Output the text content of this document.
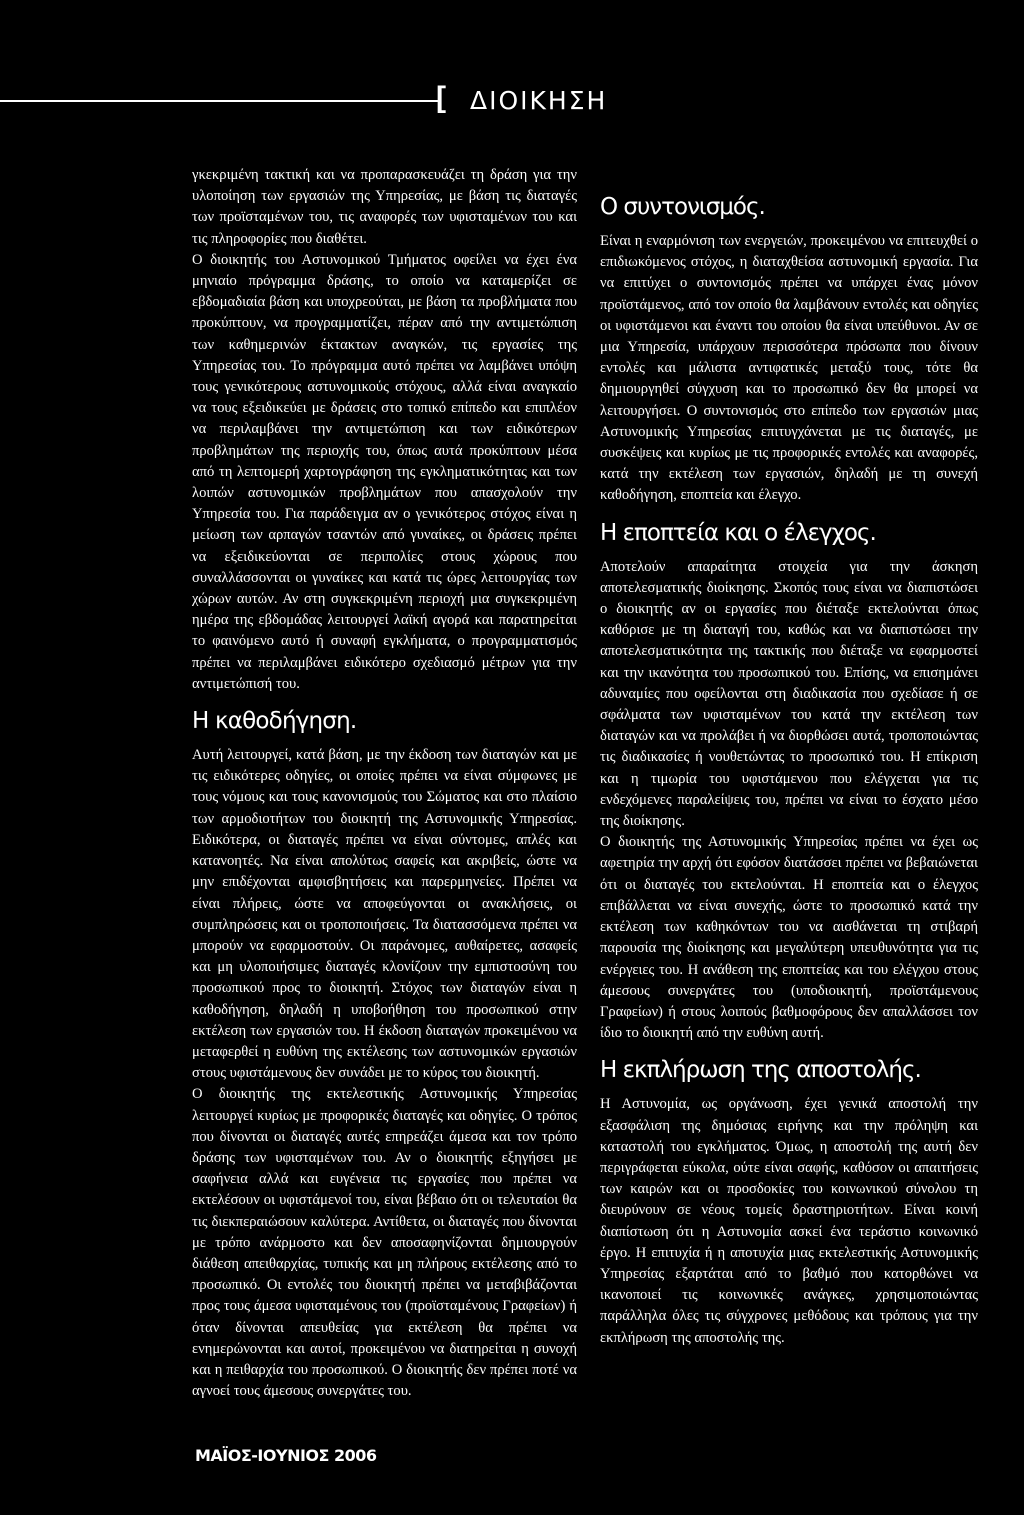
[ ΔΙΟΙΚΗΣΗ

γκεκριμένη τακτική και να προπαρασκευάζει τη δράση για την υλοποίηση των εργασιών της Υπηρεσίας, με βάση τις διαταγές των προϊσταμένων του, τις αναφορές των υφισταμένων του και τις πληροφορίες που διαθέτει.

Ο διοικητής του Αστυνομικού Τμήματος οφείλει να έχει ένα μηνιαίο πρόγραμμα δράσης, το οποίο να καταμερίζει σε εβδομαδιαία βάση και υποχρεούται, με βάση τα προβλήματα που προκύπτουν, να προγραμματίζει, πέραν από την αντιμετώπιση των καθημερινών έκτακτων αναγκών, τις εργασίες της Υπηρεσίας του. Το πρόγραμμα αυτό πρέπει να λαμβάνει υπόψη τους γενικότερους αστυνομικούς στόχους, αλλά είναι αναγκαίο να τους εξειδικεύει με δράσεις στο τοπικό επίπεδο και επιπλέον να περιλαμβάνει την αντιμετώπιση και των ειδικότερων προβλημάτων της περιοχής του, όπως αυτά προκύπτουν μέσα από τη λεπτομερή χαρτογράφηση της εγκληματικότητας και των λοιπών αστυνομικών προβλημάτων που απασχολούν την Υπηρεσία του. Για παράδειγμα αν ο γενικότερος στόχος είναι η μείωση των αρπαγών τσαντών από γυναίκες, οι δράσεις πρέπει να εξειδικεύονται σε περιπολίες στους χώρους που συναλλάσσονται οι γυναίκες και κατά τις ώρες λειτουργίας των χώρων αυτών. Αν στη συγκεκριμένη περιοχή μια συγκεκριμένη ημέρα της εβδομάδας λειτουργεί λαϊκή αγορά και παρατηρείται το φαινόμενο αυτό ή συναφή εγκλήματα, ο προγραμματισμός πρέπει να περιλαμβάνει ειδικότερο σχεδιασμό μέτρων για την αντιμετώπισή του.

Η καθοδήγηση.

Αυτή λειτουργεί, κατά βάση, με την έκδοση των διαταγών και με τις ειδικότερες οδηγίες, οι οποίες πρέπει να είναι σύμφωνες με τους νόμους και τους κανονισμούς του Σώματος και στο πλαίσιο των αρμοδιοτήτων του διοικητή της Αστυνομικής Υπηρεσίας. Ειδικότερα, οι διαταγές πρέπει να είναι σύντομες, απλές και κατανοητές. Να είναι απολύτως σαφείς και ακριβείς, ώστε να μην επιδέχονται αμφισβητήσεις και παρερμηνείες. Πρέπει να είναι πλήρεις, ώστε να αποφεύγονται οι ανακλήσεις, οι συμπληρώσεις και οι τροποποιήσεις. Τα διατασσόμενα πρέπει να μπορούν να εφαρμοστούν. Οι παράνομες, αυθαίρετες, ασαφείς και μη υλοποιήσιμες διαταγές κλονίζουν την εμπιστοσύνη του προσωπικού προς το διοικητή. Στόχος των διαταγών είναι η καθοδήγηση, δηλαδή η υποβοήθηση του προσωπικού στην εκτέλεση των εργασιών του. Η έκδοση διαταγών προκειμένου να μεταφερθεί η ευθύνη της εκτέλεσης των αστυνομικών εργασιών στους υφιστάμενους δεν συνάδει με το κύρος του διοικητή.

Ο διοικητής της εκτελεστικής Αστυνομικής Υπηρεσίας λειτουργεί κυρίως με προφορικές διαταγές και οδηγίες. Ο τρόπος που δίνονται οι διαταγές αυτές επηρεάζει άμεσα και τον τρόπο δράσης των υφισταμένων του. Αν ο διοικητής εξηγήσει με σαφήνεια αλλά και ευγένεια τις εργασίες που πρέπει να εκτελέσουν οι υφιστάμενοί του, είναι βέβαιο ότι οι τελευταίοι θα τις διεκπεραιώσουν καλύτερα. Αντίθετα, οι διαταγές που δίνονται με τρόπο ανάρμοστο και δεν αποσαφηνίζονται δημιουργούν διάθεση απειθαρχίας, τυπικής και μη πλήρους εκτέλεσης από το προσωπικό. Οι εντολές του διοικητή πρέπει να μεταβιβάζονται προς τους άμεσα υφισταμένους του (προϊσταμένους Γραφείων) ή όταν δίνονται απευθείας για εκτέλεση θα πρέπει να ενημερώνονται και αυτοί, προκειμένου να διατηρείται η συνοχή και η πειθαρχία του προσωπικού. Ο διοικητής δεν πρέπει ποτέ να αγνοεί τους άμεσους συνεργάτες του.

Ο συντονισμός.

Είναι η εναρμόνιση των ενεργειών, προκειμένου να επιτευχθεί ο επιδιωκόμενος στόχος, η διαταχθείσα αστυνομική εργασία. Για να επιτύχει ο συντονισμός πρέπει να υπάρχει ένας μόνον προϊστάμενος, από τον οποίο θα λαμβάνουν εντολές και οδηγίες οι υφιστάμενοι και έναντι του οποίου θα είναι υπεύθυνοι. Αν σε μια Υπηρεσία, υπάρχουν περισσότερα πρόσωπα που δίνουν εντολές και μάλιστα αντιφατικές μεταξύ τους, τότε θα δημιουργηθεί σύγχυση και το προσωπικό δεν θα μπορεί να λειτουργήσει. Ο συντονισμός στο επίπεδο των εργασιών μιας Αστυνομικής Υπηρεσίας επιτυγχάνεται με τις διαταγές, με συσκέψεις και κυρίως με τις προφορικές εντολές και αναφορές, κατά την εκτέλεση των εργασιών, δηλαδή με τη συνεχή καθοδήγηση, εποπτεία και έλεγχο.

Η εποπτεία και ο έλεγχος.

Αποτελούν απαραίτητα στοιχεία για την άσκηση αποτελεσματικής διοίκησης. Σκοπός τους είναι να διαπιστώσει ο διοικητής αν οι εργασίες που διέταξε εκτελούνται όπως καθόρισε με τη διαταγή του, καθώς και να διαπιστώσει την αποτελεσματικότητα της τακτικής που διέταξε να εφαρμοστεί και την ικανότητα του προσωπικού του. Επίσης, να επισημάνει αδυναμίες που οφείλονται στη διαδικασία που σχεδίασε ή σε σφάλματα των υφισταμένων του κατά την εκτέλεση των διαταγών και να προλάβει ή να διορθώσει αυτά, τροποποιώντας τις διαδικασίες ή νουθετώντας το προσωπικό του. Η επίκριση και η τιμωρία του υφιστάμενου που ελέγχεται για τις ενδεχόμενες παραλείψεις του, πρέπει να είναι το έσχατο μέσο της διοίκησης.

Ο διοικητής της Αστυνομικής Υπηρεσίας πρέπει να έχει ως αφετηρία την αρχή ότι εφόσον διατάσσει πρέπει να βεβαιώνεται ότι οι διαταγές του εκτελούνται. Η εποπτεία και ο έλεγχος επιβάλλεται να είναι συνεχής, ώστε το προσωπικό κατά την εκτέλεση των καθηκόντων του να αισθάνεται τη στιβαρή παρουσία της διοίκησης και μεγαλύτερη υπευθυνότητα για τις ενέργειες του. Η ανάθεση της εποπτείας και του ελέγχου στους άμεσους συνεργάτες του (υποδιοικητή, προϊστάμενους Γραφείων) ή στους λοιπούς βαθμοφόρους δεν απαλλάσσει τον ίδιο το διοικητή από την ευθύνη αυτή.

Η εκπλήρωση της αποστολής.

Η Αστυνομία, ως οργάνωση, έχει γενικά αποστολή την εξασφάλιση της δημόσιας ειρήνης και την πρόληψη και καταστολή του εγκλήματος. Όμως, η αποστολή της αυτή δεν περιγράφεται εύκολα, ούτε είναι σαφής, καθόσον οι απαιτήσεις των καιρών και οι προσδοκίες του κοινωνικού σύνολου τη διευρύνουν σε νέους τομείς δραστηριοτήτων. Είναι κοινή διαπίστωση ότι η Αστυνομία ασκεί ένα τεράστιο κοινωνικό έργο. Η επιτυχία ή η αποτυχία μιας εκτελεστικής Αστυνομικής Υπηρεσίας εξαρτάται από το βαθμό που κατορθώνει να ικανοποιεί τις κοινωνικές ανάγκες, χρησιμοποιώντας παράλληλα όλες τις σύγχρονες μεθόδους και τρόπους για την εκπλήρωση της αποστολής της.

ΜΑΪΟΣ-ΙΟΥΝΙΟΣ 2006
